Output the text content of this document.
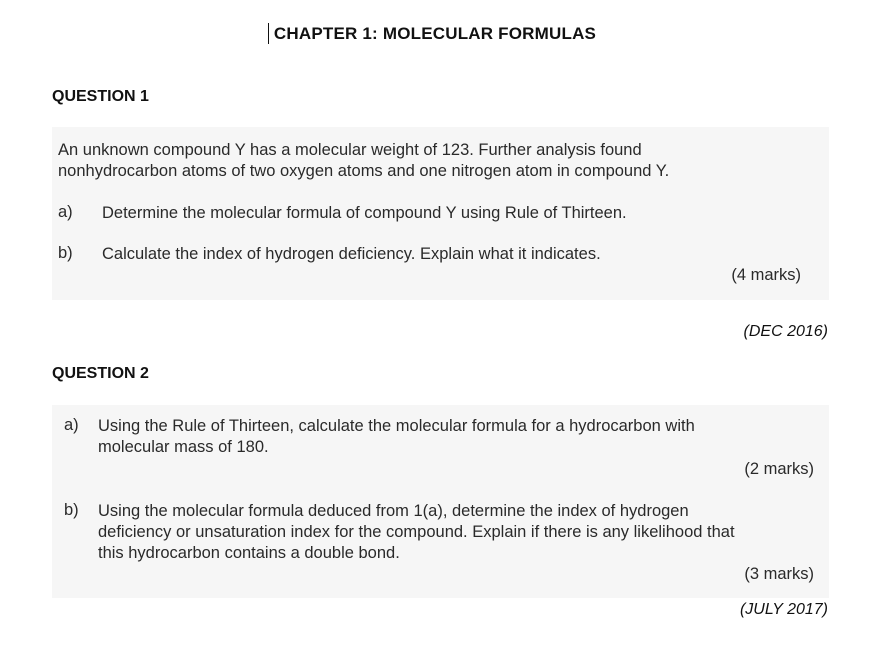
CHAPTER 1: MOLECULAR FORMULAS
QUESTION 1
An unknown compound Y has a molecular weight of 123. Further analysis found
nonhydrocarbon atoms of two oxygen atoms and one nitrogen atom in compound Y.
a) Determine the molecular formula of compound Y using Rule of Thirteen.
b) Calculate the index of hydrogen deficiency. Explain what it indicates.
(4 marks)
(DEC 2016)
QUESTION 2
a) Using the Rule of Thirteen, calculate the molecular formula for a hydrocarbon with
molecular mass of 180.
(2 marks)
b) Using the molecular formula deduced from 1(a), determine the index of hydrogen
deficiency or unsaturation index for the compound. Explain if there is any likelihood that
this hydrocarbon contains a double bond.
(3 marks)
(JULY 2017)
